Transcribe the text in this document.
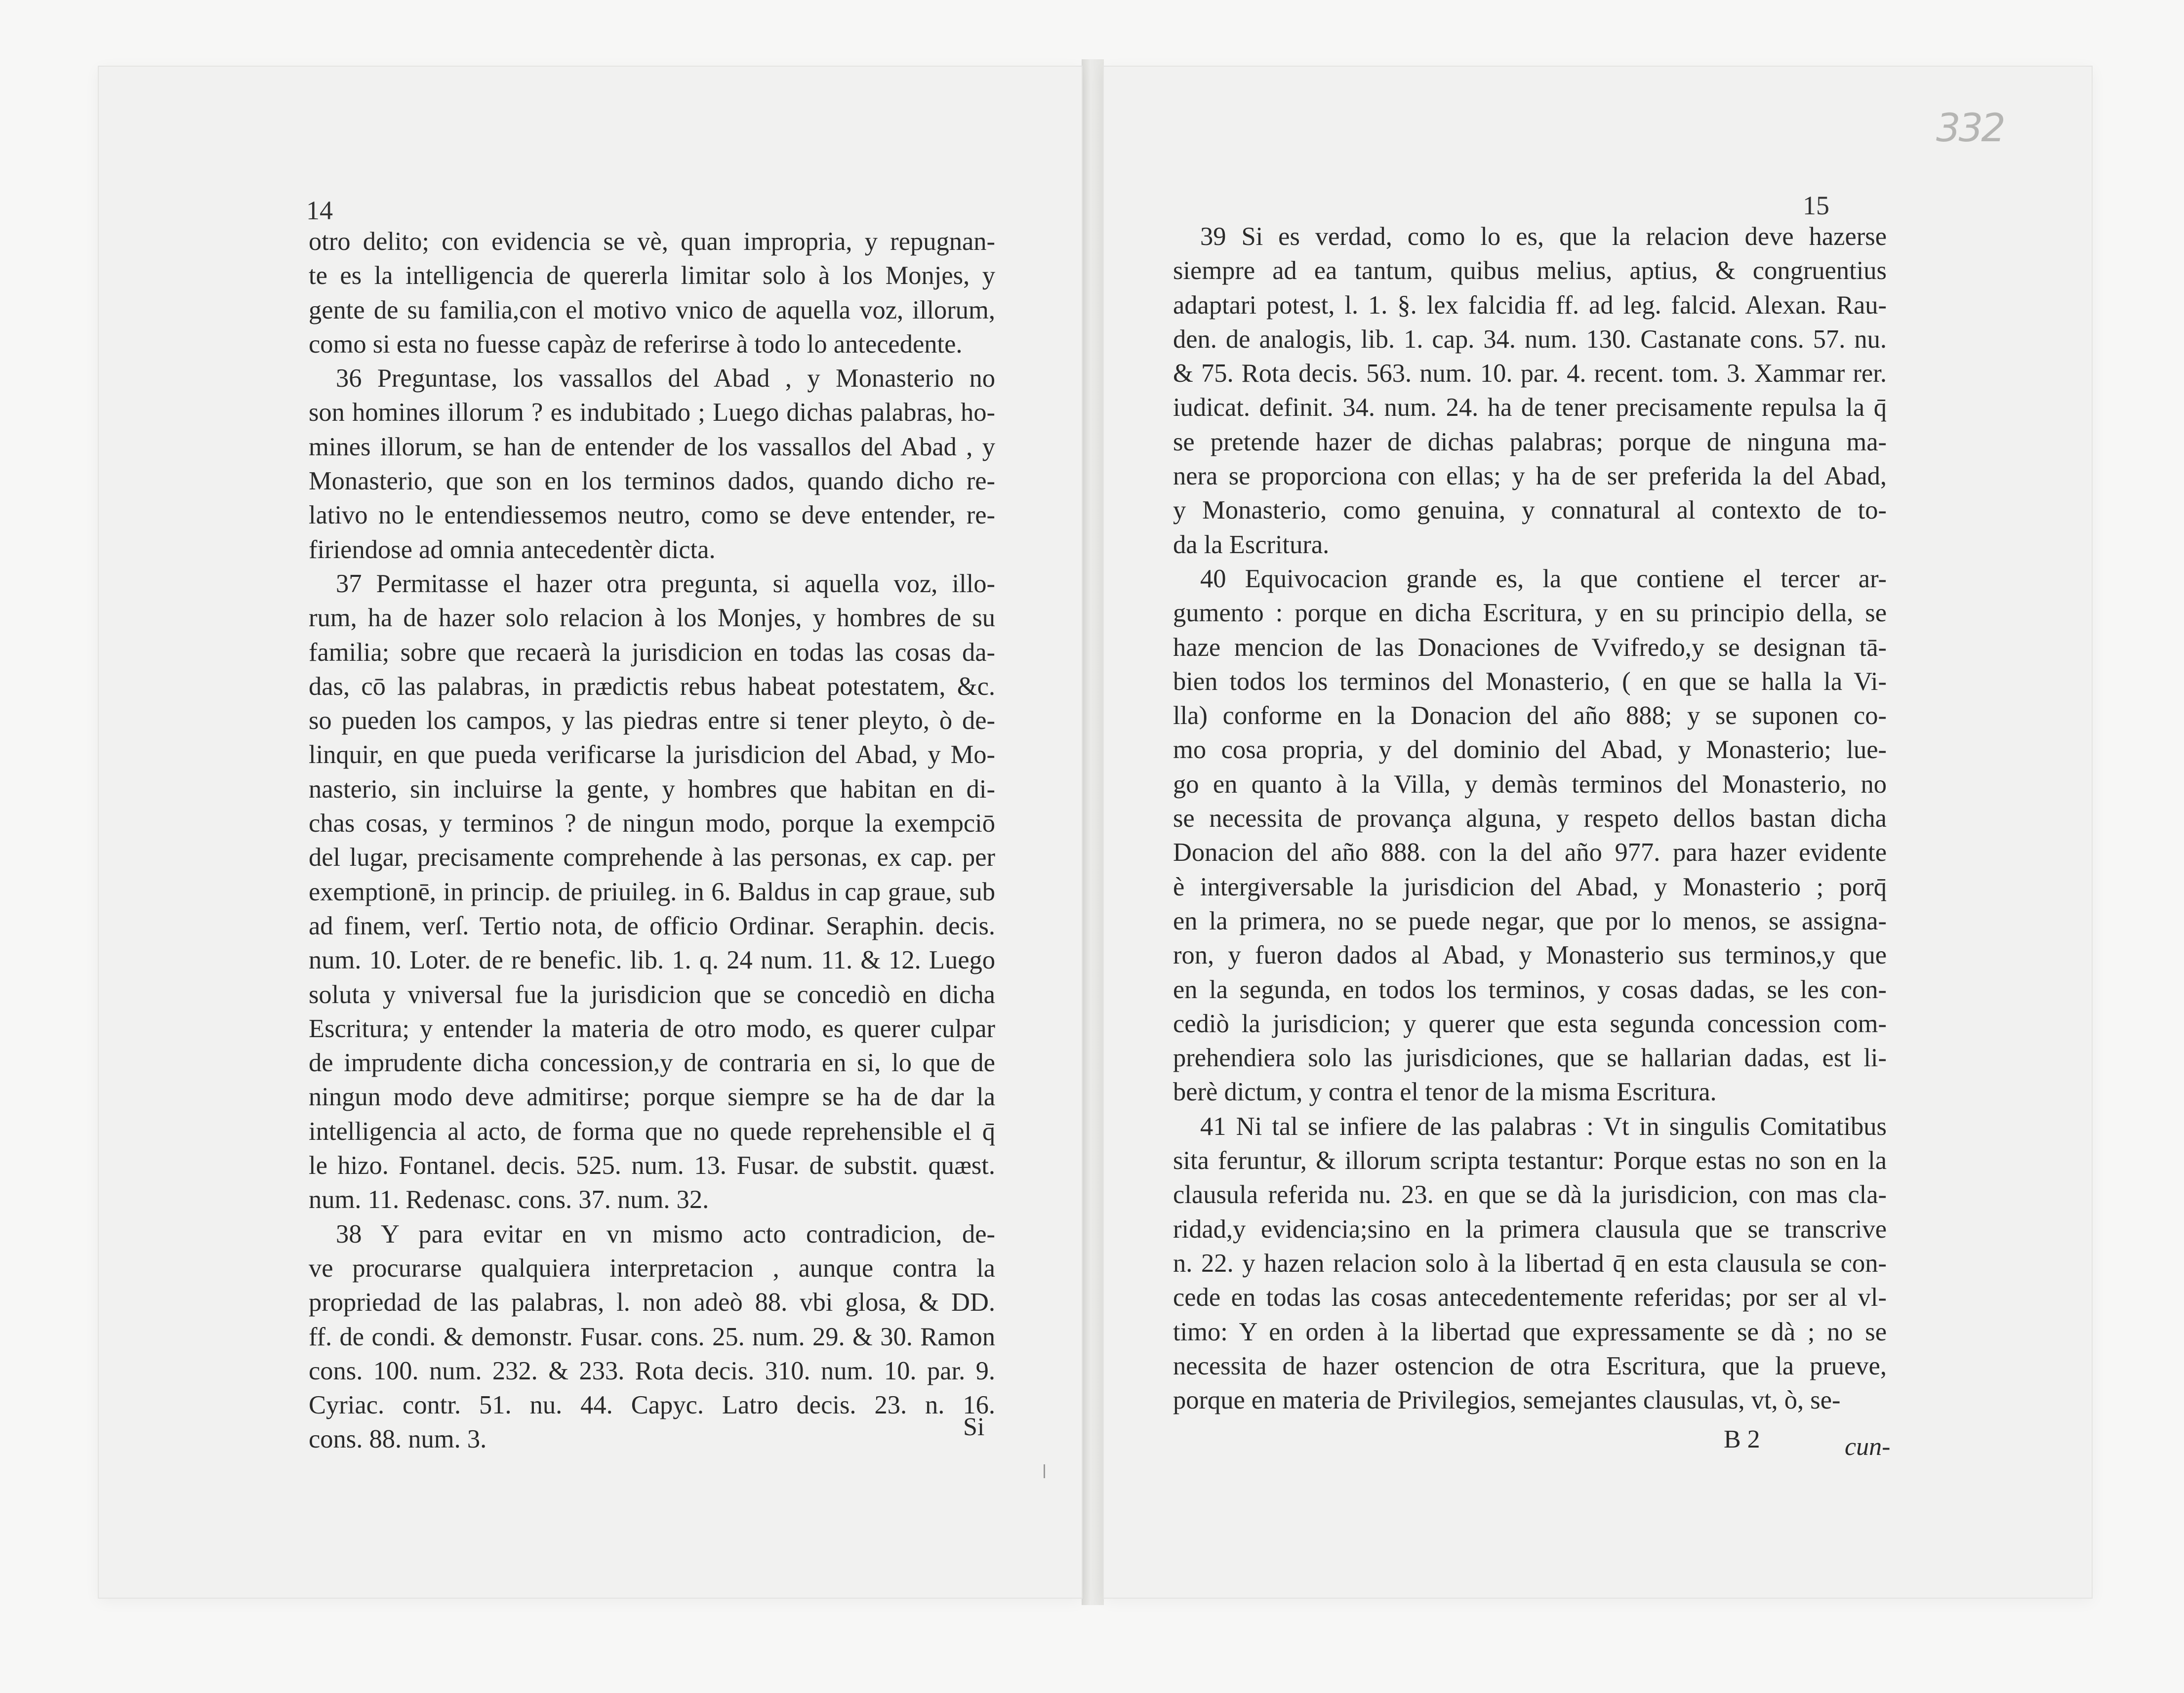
14	15
332
otro delito; con evidencia se vè, quan impropria, y repugnan-
te es la intelligencia de quererla limitar solo à los Monjes, y
gente de su familia,con el motivo vnico de aquella voz, illorum,
como si esta no fuesse capàz de referirse à todo lo antecedente.
36 Preguntase, los vassallos del Abad , y Monasterio no
son homines illorum ? es indubitado ; Luego dichas palabras, ho-
mines illorum, se han de entender de los vassallos del Abad , y
Monasterio, que son en los terminos dados, quando dicho re-
lativo no le entendiessemos neutro, como se deve entender, re-
firiendose ad omnia antecedentèr dicta.
37 Permitasse el hazer otra pregunta, si aquella voz, illo-
rum, ha de hazer solo relacion à los Monjes, y hombres de su
familia; sobre que recaerà la jurisdicion en todas las cosas da-
das, cō las palabras, in prædictis rebus habeat potestatem, &c.
so pueden los campos, y las piedras entre si tener pleyto, ò de-
linquir, en que pueda verificarse la jurisdicion del Abad, y Mo-
nasterio, sin incluirse la gente, y hombres que habitan en di-
chas cosas, y terminos ? de ningun modo, porque la exempciō
del lugar, precisamente comprehende à las personas, ex cap. per
exemptionē, in princip. de priuileg. in 6. Baldus in cap graue, sub
ad finem, verſ. Tertio nota, de officio Ordinar. Seraphin. decis.
num. 10. Loter. de re benefic. lib. 1. q. 24 num. 11. & 12. Luego
soluta y vniversal fue la jurisdicion que se concediò en dicha
Escritura; y entender la materia de otro modo, es querer culpar
de imprudente dicha concession,y de contraria en si, lo que de
ningun modo deve admitirse; porque siempre se ha de dar la
intelligencia al acto, de forma que no quede reprehensible el q̄
le hizo. Fontanel. decis. 525. num. 13. Fusar. de substit. quæst.
num. 11. Redenasc. cons. 37. num. 32.
38 Y para evitar en vn mismo acto contradicion, de-
ve procurarse qualquiera interpretacion , aunque contra la
propriedad de las palabras, l. non adeò 88. vbi glosa, & DD.
ff. de condi. & demonstr. Fusar. cons. 25. num. 29. & 30. Ramon
cons. 100. num. 232. & 233. Rota decis. 310. num. 10. par. 9.
Cyriac. contr. 51. nu. 44. Capyc. Latro decis. 23. n. 16.
cons. 88. num. 3.
39 Si es verdad, como lo es, que la relacion deve hazerse
siempre ad ea tantum, quibus melius, aptius, & congruentius
adaptari potest, l. 1. §. lex falcidia ff. ad leg. falcid. Alexan. Rau-
den. de analogis, lib. 1. cap. 34. num. 130. Castanate cons. 57. nu.
& 75. Rota decis. 563. num. 10. par. 4. recent. tom. 3. Xammar rer.
iudicat. definit. 34. num. 24. ha de tener precisamente repulsa la q̄
se pretende hazer de dichas palabras; porque de ninguna ma-
nera se proporciona con ellas; y ha de ser preferida la del Abad,
y Monasterio, como genuina, y connatural al contexto de to-
da la Escritura.
40 Equivocacion grande es, la que contiene el tercer ar-
gumento : porque en dicha Escritura, y en su principio della, se
haze mencion de las Donaciones de Vvifredo,y se designan tā-
bien todos los terminos del Monasterio, ( en que se halla la Vi-
lla) conforme en la Donacion del año 888; y se suponen co-
mo cosa propria, y del dominio del Abad, y Monasterio; lue-
go en quanto à la Villa, y demàs terminos del Monasterio, no
se necessita de provança alguna, y respeto dellos bastan dicha
Donacion del año 888. con la del año 977. para hazer evidente
è intergiversable la jurisdicion del Abad, y Monasterio ; porq̄
en la primera, no se puede negar, que por lo menos, se assigna-
ron, y fueron dados al Abad, y Monasterio sus terminos,y que
en la segunda, en todos los terminos, y cosas dadas, se les con-
cediò la jurisdicion; y querer que esta segunda concession com-
prehendiera solo las jurisdiciones, que se hallarian dadas, est li-
berè dictum, y contra el tenor de la misma Escritura.
41 Ni tal se infiere de las palabras : Vt in singulis Comitatibus
sita feruntur, & illorum scripta testantur: Porque estas no son en la
clausula referida nu. 23. en que se dà la jurisdicion, con mas cla-
ridad,y evidencia;sino en la primera clausula que se transcrive
n. 22. y hazen relacion solo à la libertad q̄ en esta clausula se con-
cede en todas las cosas antecedentemente referidas; por ser al vl-
timo: Y en orden à la libertad que expressamente se dà ; no se
necessita de hazer ostencion de otra Escritura, que la prueve,
porque en materia de Privilegios, semejantes clausulas, vt, ò, se-
Si	B 2	cun-
